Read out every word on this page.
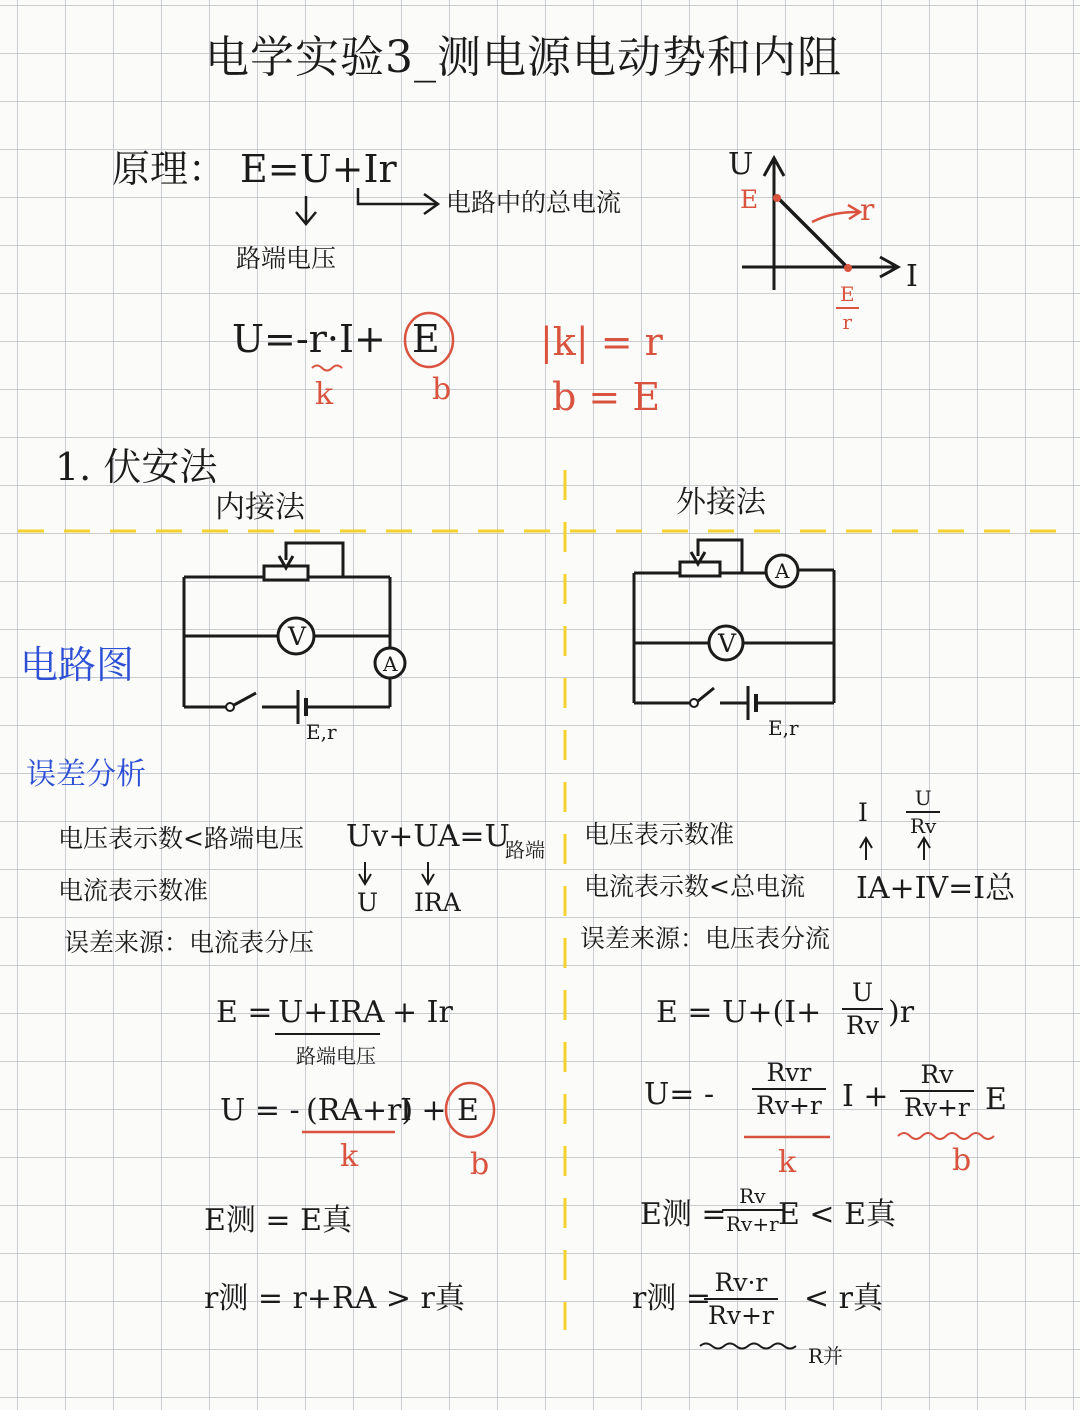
电学实验3_测电源电动势和内阻
原理： E=U+Ir
电路中的总电流
路端电压
U=-r·I+ E
k	b
|k| = r
b = E
U
I
E	r
$\frac{E}{r}$
1. 伏安法
内接法	外接法
电路图
误差分析
V
A
E,r
V
A
E,r
电压表示数<路端电压 Uv+UA=U
路端
U IRA
电流表示数准
误差来源：电流表分压
E = U+IRA + Ir
路端电压
U = - (RA+r)
I + E
k	b
E测 = E真
r测 = r+RA > r真
电压表示数准
电流表示数<总电流
误差来源：电压表分流
I $\frac{U}{Rv}$
IA+IV=I总
$E = U+(I+ \frac{U}{Rv} )r$
U= -
Rvr
Rv+r $I + \frac{Rv}{Rv+r}$ E
k	b
E测 =
$\frac{Rv}{Rv+r}$
E < E真
r测 =
$\frac{Rv\cdot r}{Rv+r} < r$真
R并
